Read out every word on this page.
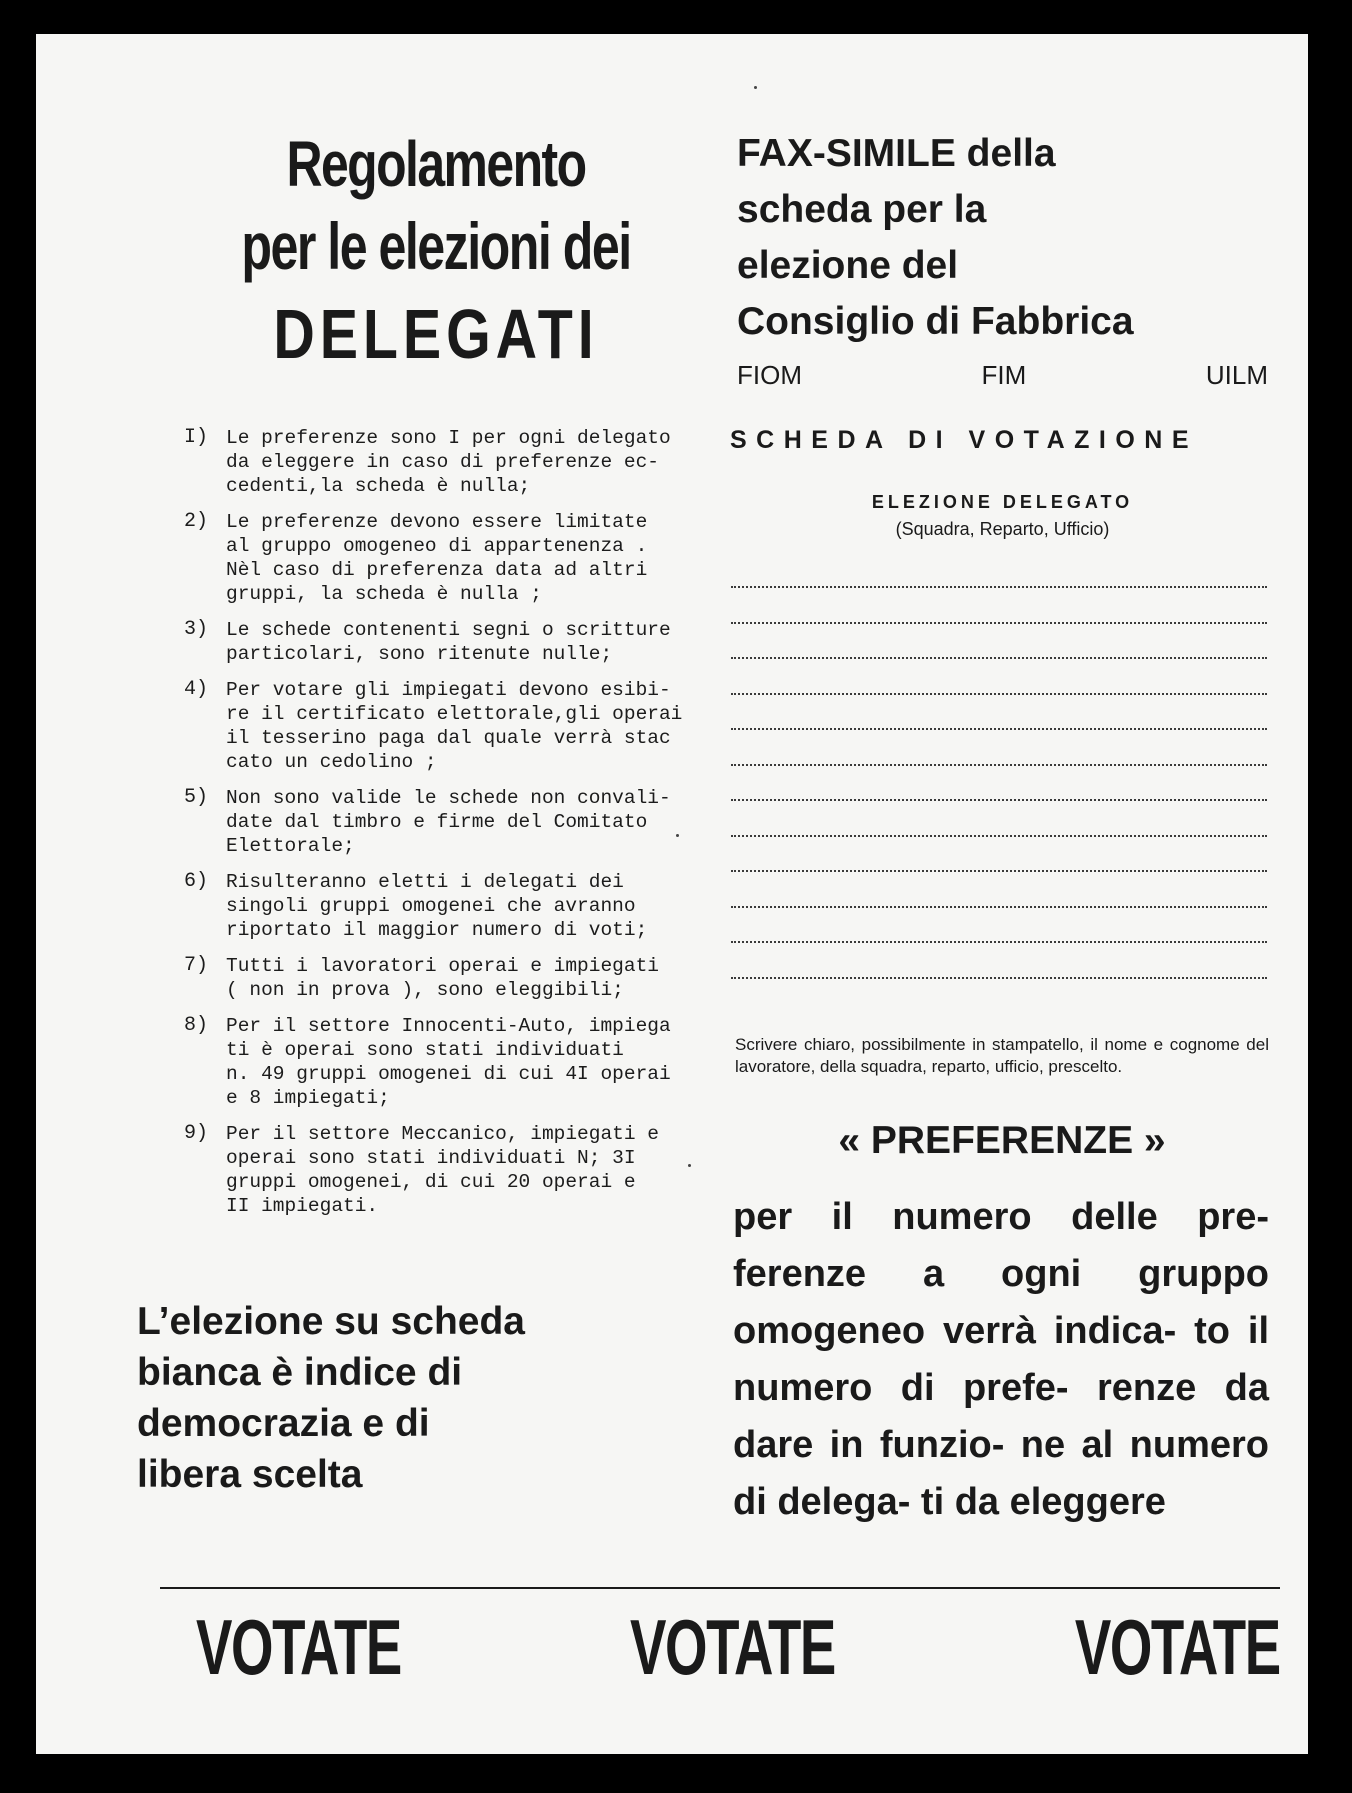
Regolamento
per le elezioni dei
DELEGATI
I) Le preferenze sono I per ogni delegato
da eleggere in caso di preferenze ec-
cedenti,la scheda è nulla;
2) Le preferenze devono essere limitate
al gruppo omogeneo di appartenenza .
Nèl caso di preferenza data ad altri
gruppi, la scheda è nulla ;
3) Le schede contenenti segni o scritture
particolari, sono ritenute nulle;
4) Per votare gli impiegati devono esibi-
re il certificato elettorale,gli operai
il tesserino paga dal quale verrà stac
cato un cedolino ;
5) Non sono valide le schede non convali-
date dal timbro e firme del Comitato
Elettorale;
6) Risulteranno eletti i delegati dei
singoli gruppi omogenei che avranno
riportato il maggior numero di voti;
7) Tutti i lavoratori operai e impiegati
( non in prova ), sono eleggibili;
8) Per il settore Innocenti-Auto, impiega
ti è operai sono stati individuati
n. 49 gruppi omogenei di cui 4I operai
e 8 impiegati;
9) Per il settore Meccanico, impiegati e
operai sono stati individuati N; 3I
gruppi omogenei, di cui 20 operai e
II impiegati.
L’elezione su scheda
bianca è indice di
democrazia e di
libera scelta
FAX-SIMILE della
scheda per la
elezione del
Consiglio di Fabbrica
FIOM	FIM	UILM
SCHEDA DI VOTAZIONE
ELEZIONE DELEGATO
(Squadra, Reparto, Ufficio)
Scrivere chiaro, possibilmente in stampatello, il nome e cognome del lavoratore, della squadra, reparto, ufficio, prescelto.
« PREFERENZE »
per il numero delle pre- ferenze a ogni gruppo omogeneo verrà indica- to il numero di prefe- renze da dare in funzio- ne al numero di delega- ti da eleggere
VOTATE	VOTATE	VOTATE
